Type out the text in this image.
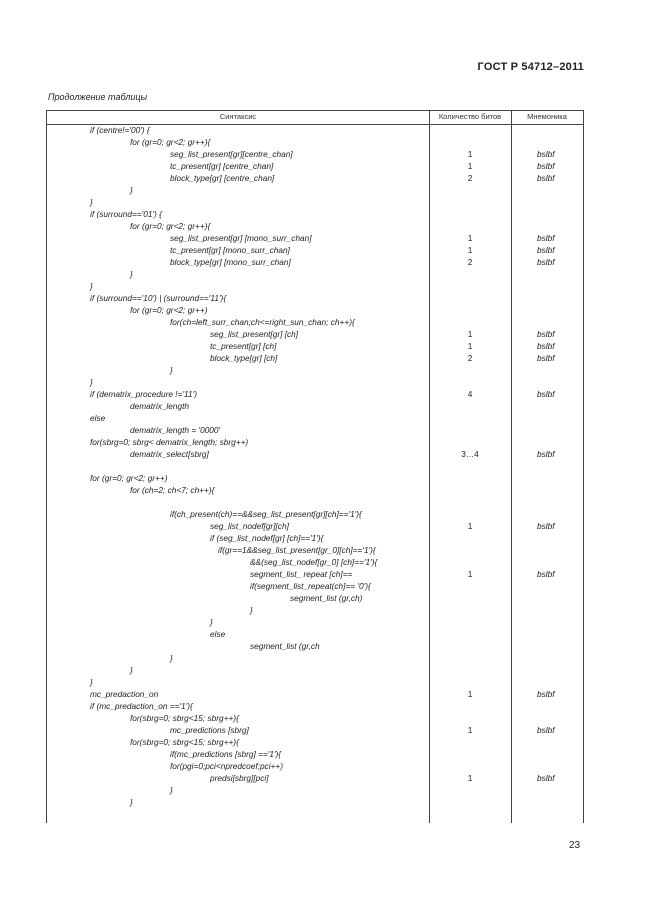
ГОСТ Р 54712–2011
Продолжение таблицы
Синтаксис	Количество битов	Мнемоника
if (centre!='00') {
for (gr=0; gr<2; gr++){
seg_list_present[gr][centre_chan]	1	bslbf
tc_present[gr] [centre_chan]	1	bslbf
block_type[gr] [centre_chan]	2	bslbf
}
}
if (surround=='01') {
for (gr=0; gr<2; gr++){
seg_list_present[gr] [mono_surr_chan]	1	bslbf
tc_present[gr] [mono_surr_chan]	1	bslbf
block_type[gr] [mono_surr_chan]	2	bslbf
}
}
if (surround=='10') | (surround=='11'){
for (gr=0; gr<2; gr++)
for(ch=left_surr_chan;ch<=right_sun_chan; ch++){
seg_list_present[gr] [ch]	1	bslbf
tc_present[gr] [ch]	1	bslbf
block_type[gr] [ch]	2	bslbf
}
}
if (dematrix_procedure !='11')	4	bslbf
dematrix_length
else
dematrix_length = '0000'
for(sbrg=0; sbrg< dematrix_length; sbrg++)
dematrix_select[sbrg]	3…4	bslbf
for (gr=0; gr<2; gr++)
for (ch=2; ch<7; ch++){
if(ch_present(ch)==&&seg_list_present[gr][ch]=='1'){
seg_list_nodef[gr][ch]	1	bslbf
if (seg_list_nodef[gr] [ch]=='1'){
if(gr==1&&seg_list_present[gr_0][ch]=='1'){
&&(seg_list_nodef[gr_0] [ch]=='1'){
segment_list_ repeat [ch]==	1	bslbf
if(segment_list_repeat(ch]== '0'){
segment_list (gr,ch)
}
}
else
segment_list (gr,ch
}
}
}
mc_predaction_on	1	bslbf
if (mc_predaction_on =='1'){
for(sbrg=0; sbrg<15; sbrg++){
mc_predictions [sbrg]	1	bslbf
for(sbrg=0; sbrg<15; sbrg++){
if(mc_predictions [sbrg] =='1'){
for(pgi=0;pci<npredcoef;pci++)
predsi[sbrg][pci]	1	bslbf
}
}
23
